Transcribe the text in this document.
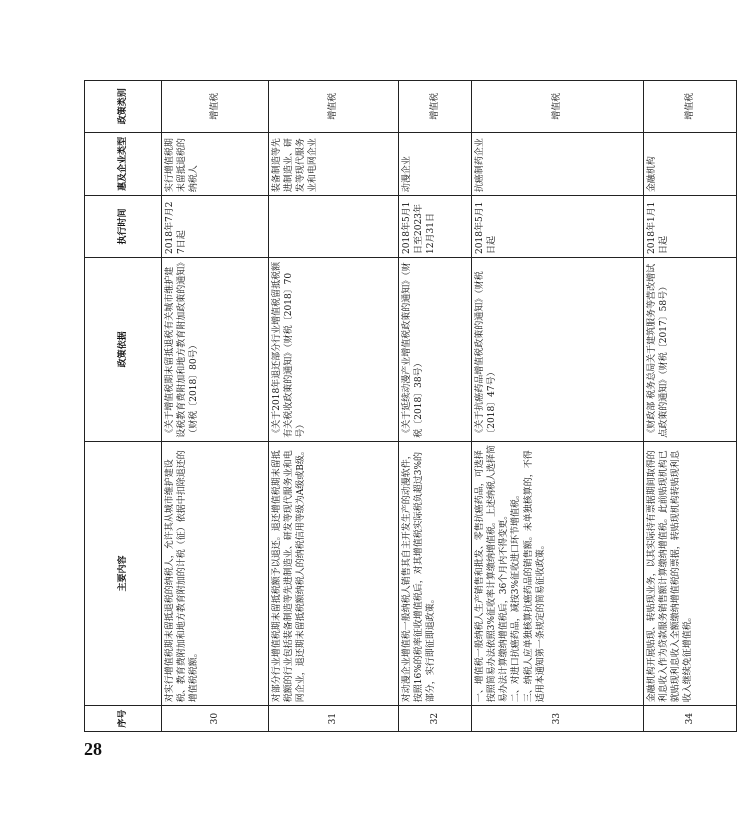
序号	主要内容	政策依据	执行时间	惠及企业类型	政策类别
30	对实行增值税期末留抵退税的纳税人，允许其从城市维护建设税、教育费附加和地方教育附加的计税（征）依据中扣除退还的增值税税额。	《关于增值税期末留抵退税有关城市维护建设税教育费附加和地方教育附加政策的通知》（财税〔2018〕80号）	2018年7月27日起	实行增值税期末留抵退税的纳税人	增值税
31	对部分行业增值税期末留抵税额予以退还。退还增值税期末留抵税额的行业包括装备制造等先进制造业、研发等现代服务业和电网企业，退还期末留抵税额纳税人的纳税信用等级为A级或B级。	《关于2018年退还部分行业增值税留抵税额有关税收政策的通知》（财税〔2018〕70号）		装备制造等先进制造业、研发等现代服务业和电网企业	增值税
32	对动漫企业增值税一般纳税人销售其自主开发生产的动漫软件，按照16%的税率征收增值税后，对其增值税实际税负超过3%的部分，实行即征即退政策。	《关于延续动漫产业增值税政策的通知》（财税〔2018〕38号）	2018年5月1日至2023年12月31日	动漫企业	增值税
33	一、增值税一般纳税人生产销售和批发、零售抗癌药品，可选择按照简易办法依照3%征收率计算缴纳增值税。上述纳税人选择简易办法计算缴纳增值税后，36个月内不得变更。
二、对进口抗癌药品，减按3%征收进口环节增值税。
三、纳税人应单独核算抗癌药品的销售额。未单独核算的，不得适用本通知第一条规定的简易征收政策。	《关于抗癌药品增值税政策的通知》（财税〔2018〕47号）	2018年5月1日起	抗癌制药企业	增值税
34	金融机构开展贴现、转贴现业务，以其实际持有票据期间取得的利息收入作为贷款服务销售额计算缴纳增值税。此前贴现机构已就贴现利息收入全额缴纳增值税的票据，转贴现机构转贴现利息收入继续免征增值税。	《财政部 税务总局关于建筑服务等营改增试点政策的通知》（财税〔2017〕58号）	2018年1月1日起	金融机构	增值税
28
